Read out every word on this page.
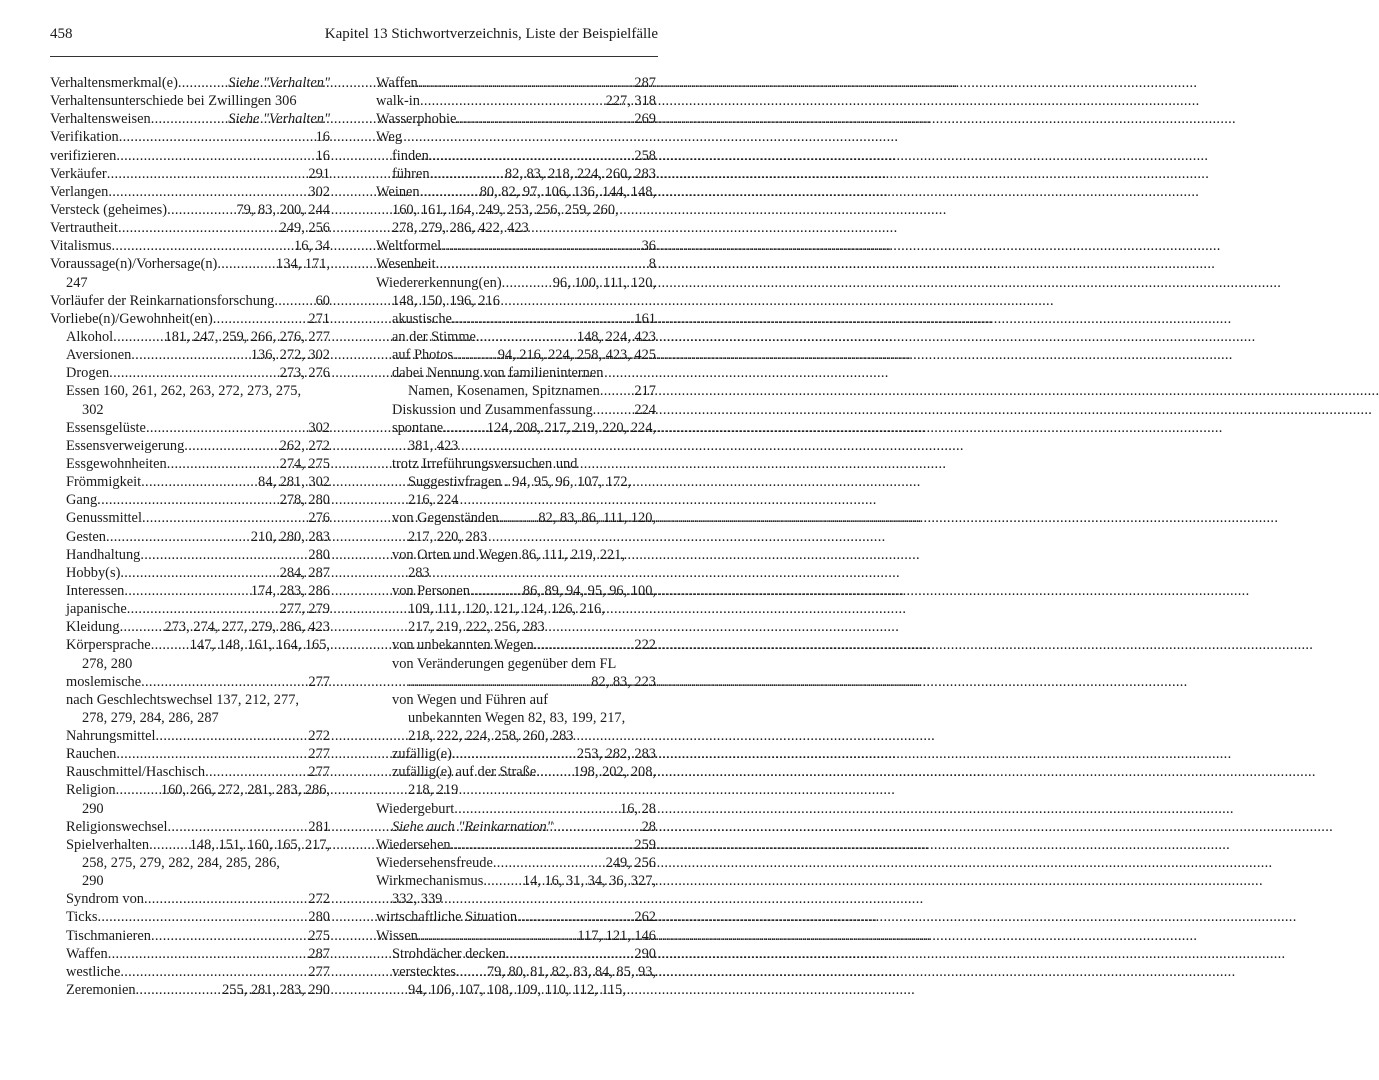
458	Kapitel 13 Stichwortverzeichnis, Liste der Beispielfälle
Verhaltensmerkmal(e) .....	Siehe "Verhalten"
Verhaltensunterschiede bei Zwillingen 306
Verhaltensweisen .....	Siehe "Verhalten"
Verifikation .....	16
verifizieren .....	16
Verkäufer .....	291
Verlangen .....	302
Versteck (geheimes) .....	79, 83, 200, 244
Vertrautheit .....	249, 256
Vitalismus .....	16, 34
Voraussage(n)/Vorhersage(n) .....	134, 171,
247
Vorläufer der Reinkarnationsforschung .....	60
Vorliebe(n)/Gewohnheit(en) .....	271
Alkohol .....	181, 247, 259, 266, 276, 277
Aversionen .....	136, 272, 302
Drogen .....	273, 276
Essen 160, 261, 262, 263, 272, 273, 275,
302
Essensgelüste .....	302
Essensverweigerung .....	262, 272
Essgewohnheiten .....	274, 275
Frömmigkeit .....	84, 281, 302
Gang .....	278, 280
Genussmittel .....	276
Gesten .....	210, 280, 283
Handhaltung .....	280
Hobby(s) .....	284, 287
Interessen .....	174, 283, 286
japanische .....	277, 279
Kleidung .....	273, 274, 277, 279, 286, 423
Körpersprache .....	147, 148, 161, 164, 165,
278, 280
moslemische .....	277
nach Geschlechtswechsel 137, 212, 277,
278, 279, 284, 286, 287
Nahrungsmittel .....	272
Rauchen .....	277
Rauschmittel/Haschisch .....	277
Religion .....	160, 266, 272, 281, 283, 286,
290
Religionswechsel .....	281
Spielverhalten .....	148, 151, 160, 165, 217,
258, 275, 279, 282, 284, 285, 286,
290
Syndrom von .....	272
Ticks .....	280
Tischmanieren .....	275
Waffen .....	287
westliche .....	277
Zeremonien .....	255, 281, 283, 290
Waffen .....	287
walk-in .....	227, 318
Wasserphobie .....	269
Weg
finden .....	258
führen .....	82, 83, 218, 224, 260, 283
Weinen .....	80, 82, 97, 106, 136, 144, 148,
160, 161, 164, 249, 253, 256, 259, 260,
278, 279, 286, 422, 423
Weltformel .....	36
Wesenheit .....	8
Wiedererkennung(en) .....	96, 100, 111, 120,
148, 150, 196, 216
akustische .....	161
an der Stimme .....	148, 224, 423
auf Photos .....	94, 216, 224, 258, 423, 425
dabei Nennung von familieninternen
Namen, Kosenamen, Spitznamen ..... 217
Diskussion und Zusammenfassung .....	224
spontane .....	124, 208, 217, 219, 220, 224,
381, 423
trotz Irreführungsversuchen und
Suggestivfragen . 94, 95, 96, 107, 172,
216, 224
von Gegenständen .....	82, 83, 86, 111, 120,
217, 220, 283
von Orten und Wegen 86, 111, 219, 221,
283
von Personen .....	86, 89, 94, 95, 96, 100,
109, 111, 120, 121, 124, 126, 216,
217, 219, 222, 256, 283
von unbekannten Wegen .....	222
von Veränderungen gegenüber dem FL
.....
82, 83, 223
von Wegen und Führen auf
unbekannten Wegen 82, 83, 199, 217,
218, 222, 224, 258, 260, 283
zufällig(e) .....	253, 282, 283
zufällig(e) auf der Straße .....	198, 202, 208,
218, 219
Wiedergeburt .....	16, 28
Siehe auch "Reinkarnation" .....	28
Wiedersehen .....	259
Wiedersehensfreude .....	249, 256
Wirkmechanismus .....	14, 16, 31, 34, 36, 327,
332, 339
wirtschaftliche Situation .....	262
Wissen .....	117, 121, 146
Strohdächer decken .....	290
verstecktes ..... 79, 80, 81, 82, 83, 84, 85, 93,
94, 106, 107, 108, 109, 110, 112, 115,
